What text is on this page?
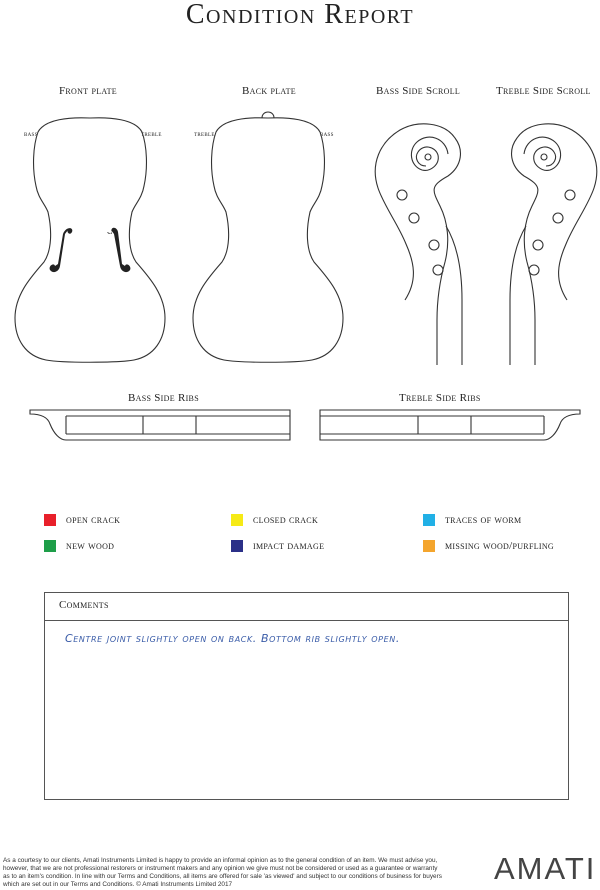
Condition Report
Front plate	Back plate	Bass Side Scroll	Treble Side Scroll
bass	treble	treble	bass
Bass Side Ribs	Treble Side Ribs
open crack	closed crack	traces of worm
new wood	impact damage	missing wood/purfling
Comments
Centre joint slightly open on back. Bottom rib slightly open.
As a courtesy to our clients, Amati Instruments Limited is happy to provide an informal opinion as to the general condition of an item. We must advise you, however, that we are not professional restorers or instrument makers and any opinion we give must not be considered or used as a guarantee or warranty as to an item's condition. In line with our Terms and Conditions, all items are offered for sale 'as viewed' and subject to our conditions of business for buyers which are set out in our Terms and Conditions. © Amati Instruments Limited 2017	AMATI
